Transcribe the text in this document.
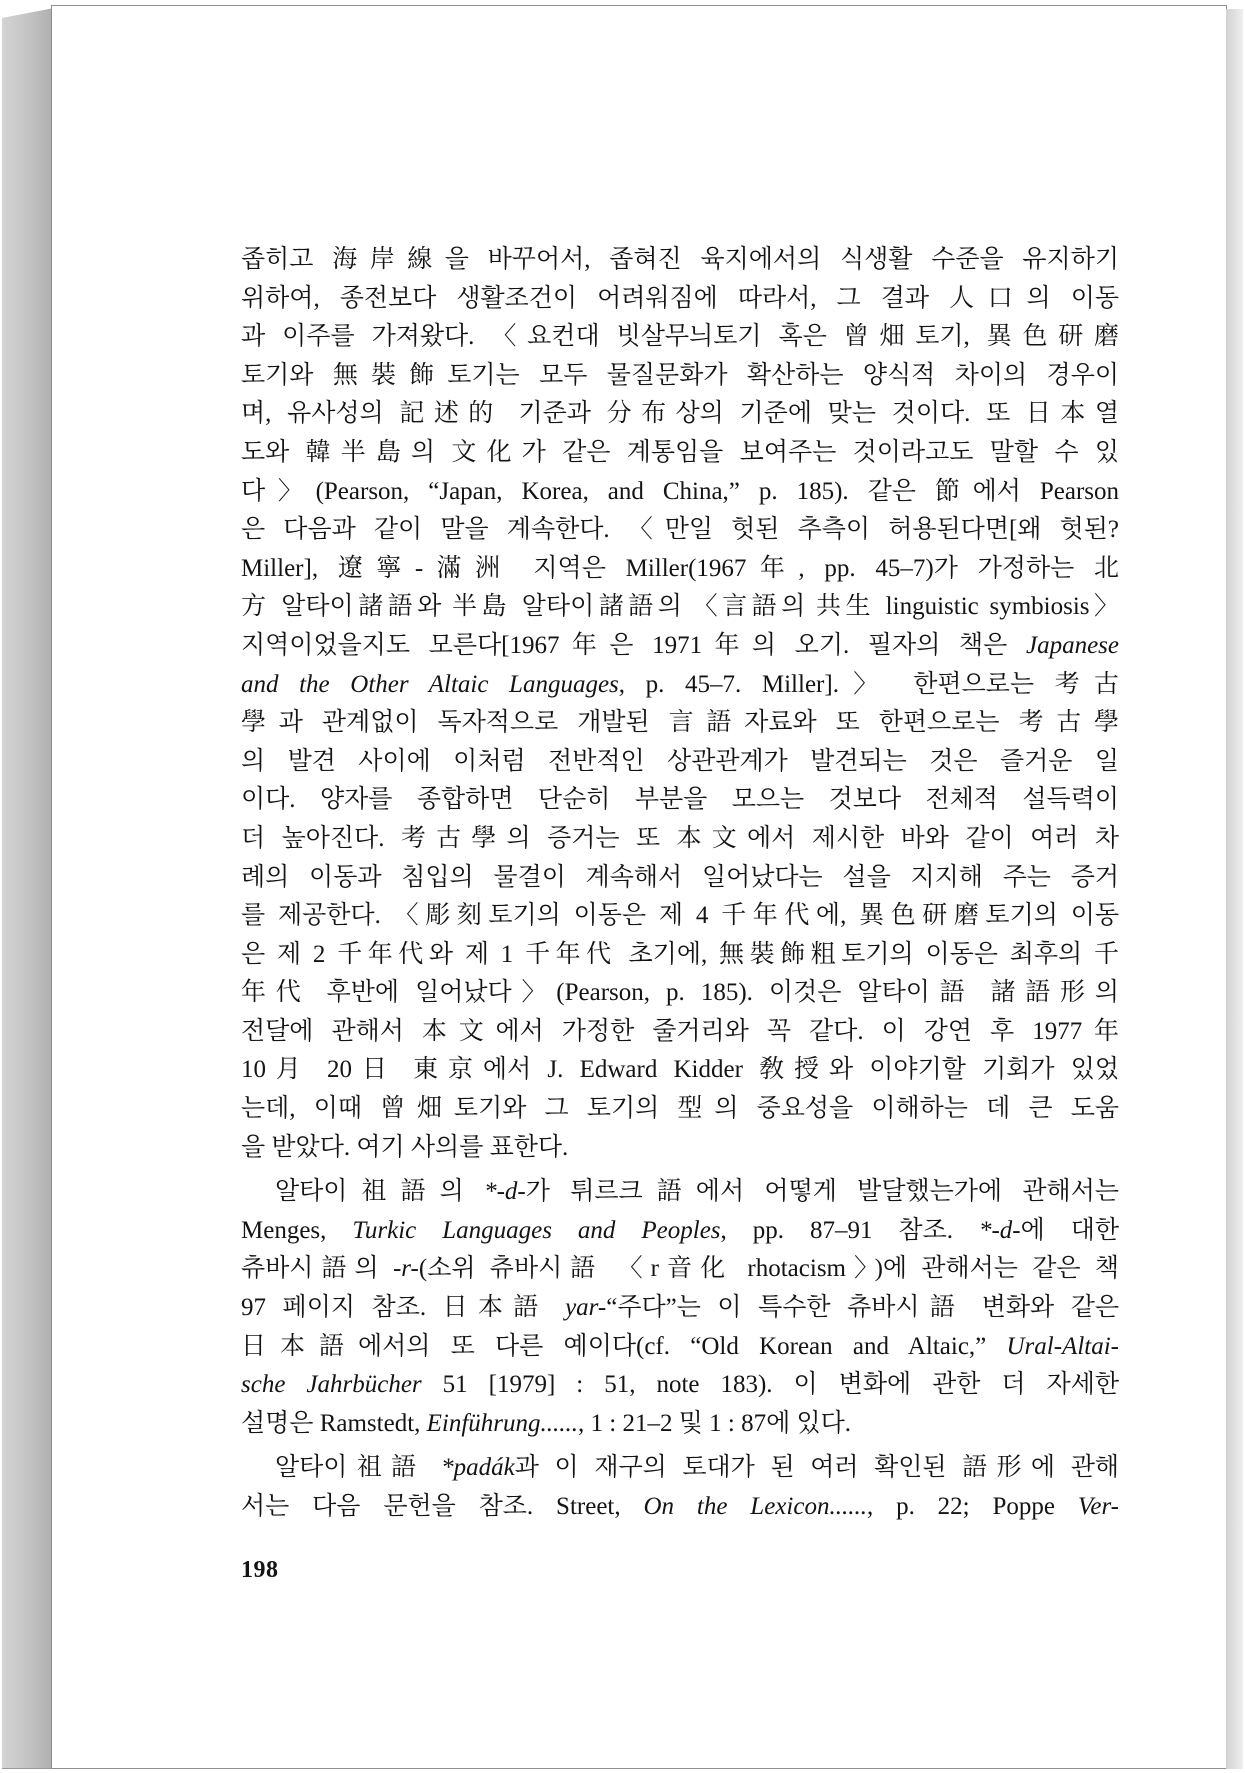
좁히고 海岸線을 바꾸어서, 좁혀진 육지에서의 식생활 수준을 유지하기
위하여, 종전보다 생활조건이 어려워짐에 따라서, 그 결과 人口의 이동
과 이주를 가져왔다. 〈요컨대 빗살무늬토기 혹은 曾畑토기, 異色研磨
토기와 無裝飾토기는 모두 물질문화가 확산하는 양식적 차이의 경우이
며, 유사성의 記述的 기준과 分布상의 기준에 맞는 것이다. 또 日本열
도와 韓半島의 文化가 같은 계통임을 보여주는 것이라고도 말할 수 있
다〉(Pearson, “Japan, Korea, and China,” p. 185). 같은 節에서 Pearson
은 다음과 같이 말을 계속한다. 〈만일 헛된 추측이 허용된다면[왜 헛된?
Miller], 遼寧-滿洲 지역은 Miller(1967年, pp. 45–7)가 가정하는 北
方 알타이諸語와 半島 알타이諸語의 〈言語의 共生 linguistic symbiosis〉
지역이었을지도 모른다[1967年은 1971年의 오기. 필자의 책은 Japanese
and the Other Altaic Languages, p. 45–7. Miller].〉 한편으로는 考古
學과 관계없이 독자적으로 개발된 言語자료와 또 한편으로는 考古學
의 발견 사이에 이처럼 전반적인 상관관계가 발견되는 것은 즐거운 일
이다. 양자를 종합하면 단순히 부분을 모으는 것보다 전체적 설득력이
더 높아진다. 考古學의 증거는 또 本文에서 제시한 바와 같이 여러 차
례의 이동과 침입의 물결이 계속해서 일어났다는 설을 지지해 주는 증거
를 제공한다. 〈彫刻토기의 이동은 제 4 千年代에, 異色研磨토기의 이동
은 제 2 千年代와 제 1 千年代 초기에, 無裝飾粗토기의 이동은 최후의 千
年代 후반에 일어났다〉(Pearson, p. 185). 이것은 알타이語 諸語形의
전달에 관해서 本文에서 가정한 줄거리와 꼭 같다. 이 강연 후 1977年
10月 20日 東京에서 J. Edward Kidder 敎授와 이야기할 기회가 있었
는데, 이때 曾畑토기와 그 토기의 型의 중요성을 이해하는 데 큰 도움
을 받았다. 여기 사의를 표한다.
알타이祖語의 *-d-가 튀르크語에서 어떻게 발달했는가에 관해서는
Menges, Turkic Languages and Peoples, pp. 87–91 참조. *-d-에 대한
츄바시語의 -r-(소위 츄바시語 〈r音化 rhotacism〉)에 관해서는 같은 책
97 페이지 참조. 日本語 yar-“주다”는 이 특수한 츄바시語 변화와 같은
日本語에서의 또 다른 예이다(cf. “Old Korean and Altaic,” Ural-Altai-
sche Jahrbücher 51 [1979] : 51, note 183). 이 변화에 관한 더 자세한
설명은 Ramstedt, Einführung......, 1 : 21–2 및 1 : 87에 있다.
알타이祖語 *padák과 이 재구의 토대가 된 여러 확인된 語形에 관해
서는 다음 문헌을 참조. Street, On the Lexicon......, p. 22; Poppe Ver-
198
